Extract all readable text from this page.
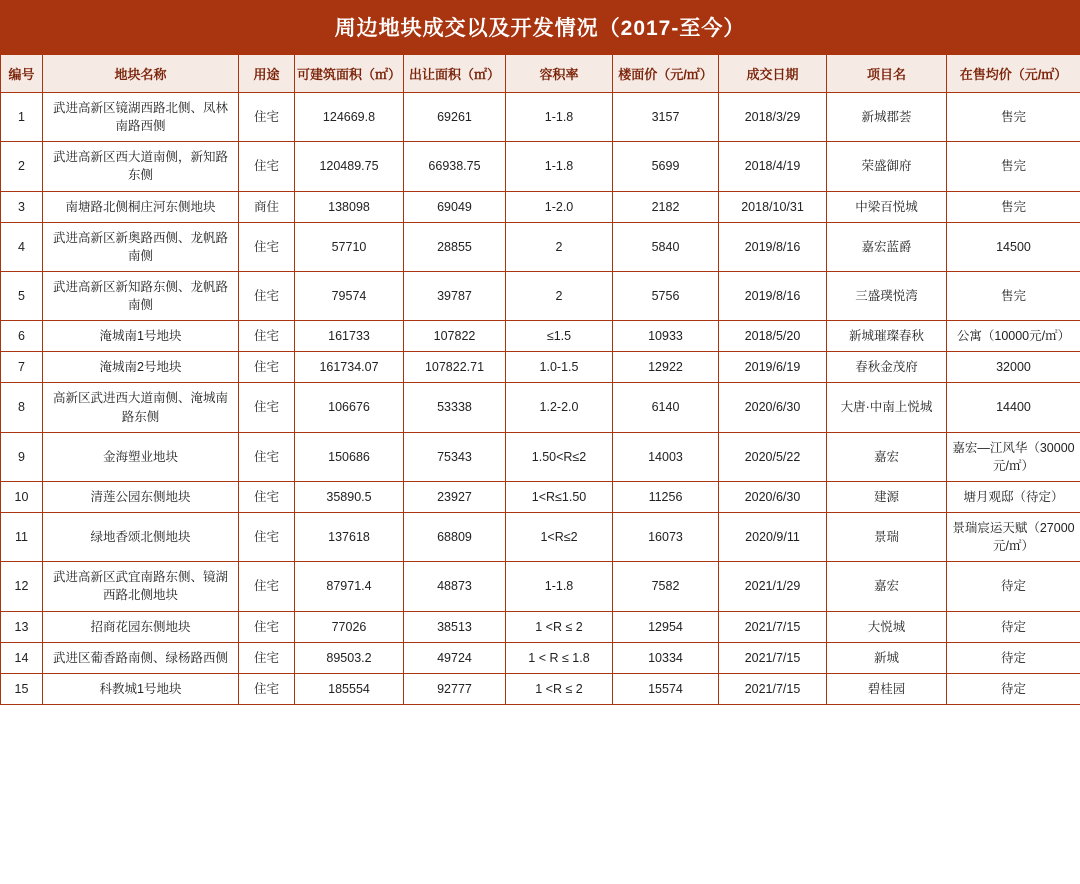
周边地块成交以及开发情况（2017-至今）
编号	地块名称	用途	可建筑面积（㎡）	出让面积（㎡）	容积率	楼面价（元/㎡）	成交日期	项目名	在售均价（元/㎡）
1	武进高新区镜湖西路北侧、凤林南路西侧	住宅	124669.8	69261	1-1.8	3157	2018/3/29	新城郡荟	售完
2	武进高新区西大道南侧，新知路东侧	住宅	120489.75	66938.75	1-1.8	5699	2018/4/19	荣盛御府	售完
3	南塘路北侧桐庄河东侧地块	商住	138098	69049	1-2.0	2182	2018/10/31	中梁百悦城	售完
4	武进高新区新奥路西侧、龙帆路南侧	住宅	57710	28855	2	5840	2019/8/16	嘉宏蓝爵	14500
5	武进高新区新知路东侧、龙帆路南侧	住宅	79574	39787	2	5756	2019/8/16	三盛璞悦湾	售完
6	淹城南1号地块	住宅	161733	107822	≤1.5	10933	2018/5/20	新城璀璨春秋	公寓（10000元/㎡）
7	淹城南2号地块	住宅	161734.07	107822.71	1.0-1.5	12922	2019/6/19	春秋金茂府	32000
8	高新区武进西大道南侧、淹城南路东侧	住宅	106676	53338	1.2-2.0	6140	2020/6/30	大唐·中南上悦城	14400
9	金海塑业地块	住宅	150686	75343	1.50<R≤2	14003	2020/5/22	嘉宏	嘉宏—江风华（30000元/㎡）
10	清莲公园东侧地块	住宅	35890.5	23927	1<R≤1.50	11256	2020/6/30	建源	塘月观邸（待定）
11	绿地香颂北侧地块	住宅	137618	68809	1<R≤2	16073	2020/9/11	景瑞	景瑞宸运天赋（27000元/㎡）
12	武进高新区武宜南路东侧、镜湖西路北侧地块	住宅	87971.4	48873	1-1.8	7582	2021/1/29	嘉宏	待定
13	招商花园东侧地块	住宅	77026	38513	1 <R ≤ 2	12954	2021/7/15	大悦城	待定
14	武进区葡香路南侧、绿杨路西侧	住宅	89503.2	49724	1 < R ≤ 1.8	10334	2021/7/15	新城	待定
15	科教城1号地块	住宅	185554	92777	1 <R ≤ 2	15574	2021/7/15	碧桂园	待定
